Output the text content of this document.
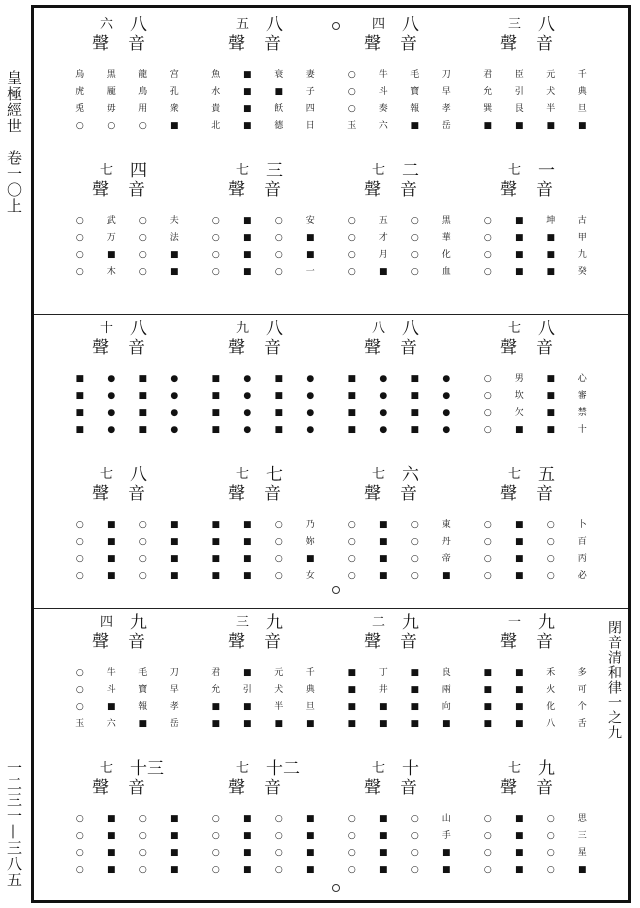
皇極經世　卷一〇上
一二三一—三八五
閉音清和律一之九
六 八
聲 音
烏	黒	龍	宫
虎	龎	鳥	孔
兎	毋	用	衆
○	○	○	■
五 八
聲 音
魚	■	衰	妻
水	■	■	子
貴	■	飫	四
北	■	德	日
四 八
聲 音
○	牛	毛	刀
○	斗	寶	早
○	奏	報	孝
玉	六	■	岳
三 八
聲 音
君	臣	元	千
允	引	犬	典
巽	艮	半	旦
■	■	■	■
七 四
聲 音
○	武	○	夫
○	万	○	法
○	■	○	■
○	木	○	■
七 三
聲 音
○	■	○	安
○	■	○	■
○	■	○	■
○	■	○	一
七 二
聲 音
○	五	○	黒
○	才	○	華
○	月	○	化
○	■	○	血
七 一
聲 音
○	■	坤	古
○	■	■	甲
○	■	■	九
○	■	■	癸
十 八
聲 音
■	●	■	●
■	●	■	●
■	●	■	●
■	●	■	●
九 八
聲 音
■	●	■	●
■	●	■	●
■	●	■	●
■	●	■	●
八 八
聲 音
■	●	■	●
■	●	■	●
■	●	■	●
■	●	■	●
七 八
聲 音
○	男	■	心
○	坎	■	審
○	欠	■	禁
○	■	■	十
七 八
聲 音
○	■	○	■
○	■	○	■
○	■	○	■
○	■	○	■
七 七
聲 音
■	■	○	乃
■	■	○	妳
■	■	○	■
■	■	○	女
七 六
聲 音
○	■	○	東
○	■	○	丹
○	■	○	帝
○	■	○	■
七 五
聲 音
○	■	○	卜
○	■	○	百
○	■	○	丙
○	■	○	必
四 九
聲 音
○	牛	毛	刀
○	斗	寶	早
○	■	報	孝
玉	六	■	岳
三 九
聲 音
君	■	元	千
允	引	犬	典
■	■	半	旦
■	■	■	■
二 九
聲 音
■	丁	■	良
■	井	■	兩
■	■	■	向
■	■	■	■
一 九
聲 音
■	■	禾	多
■	■	火	可
■	■	化	个
■	■	八	舌
七 十三
聲 音
○	■	○	■
○	■	○	■
○	■	○	■
○	■	○	■
七 十二
聲 音
○	■	○	■
○	■	○	■
○	■	○	■
○	■	○	■
七 十
聲 音
○	■	○	山
○	■	○	手
○	■	○	■
○	■	○	■
七 九
聲 音
○	■	○	思
○	■	○	三
○	■	○	星
○	■	○	■
